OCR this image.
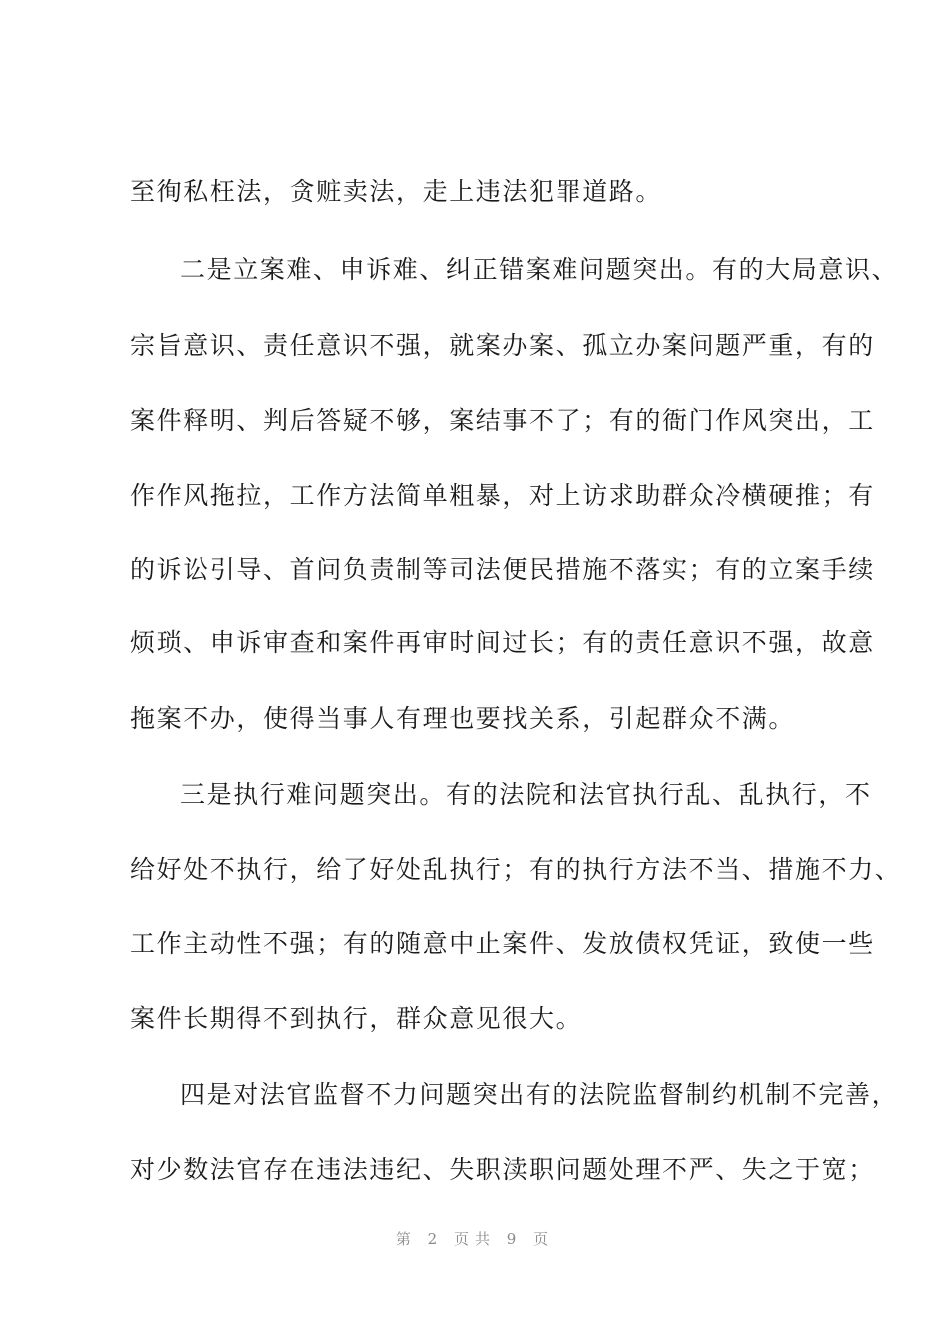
至徇私枉法，贪赃卖法，走上违法犯罪道路。
二是立案难、申诉难、纠正错案难问题突出。有的大局意识、
宗旨意识、责任意识不强，就案办案、孤立办案问题严重，有的
案件释明、判后答疑不够，案结事不了；有的衙门作风突出，工
作作风拖拉，工作方法简单粗暴，对上访求助群众冷横硬推；有
的诉讼引导、首问负责制等司法便民措施不落实；有的立案手续
烦琐、申诉审查和案件再审时间过长；有的责任意识不强，故意
拖案不办，使得当事人有理也要找关系，引起群众不满。
三是执行难问题突出。有的法院和法官执行乱、乱执行，不
给好处不执行，给了好处乱执行；有的执行方法不当、措施不力、
工作主动性不强；有的随意中止案件、发放债权凭证，致使一些
案件长期得不到执行，群众意见很大。
四是对法官监督不力问题突出有的法院监督制约机制不完善，
对少数法官存在违法违纪、失职渎职问题处理不严、失之于宽；
第 2 页共 9 页
